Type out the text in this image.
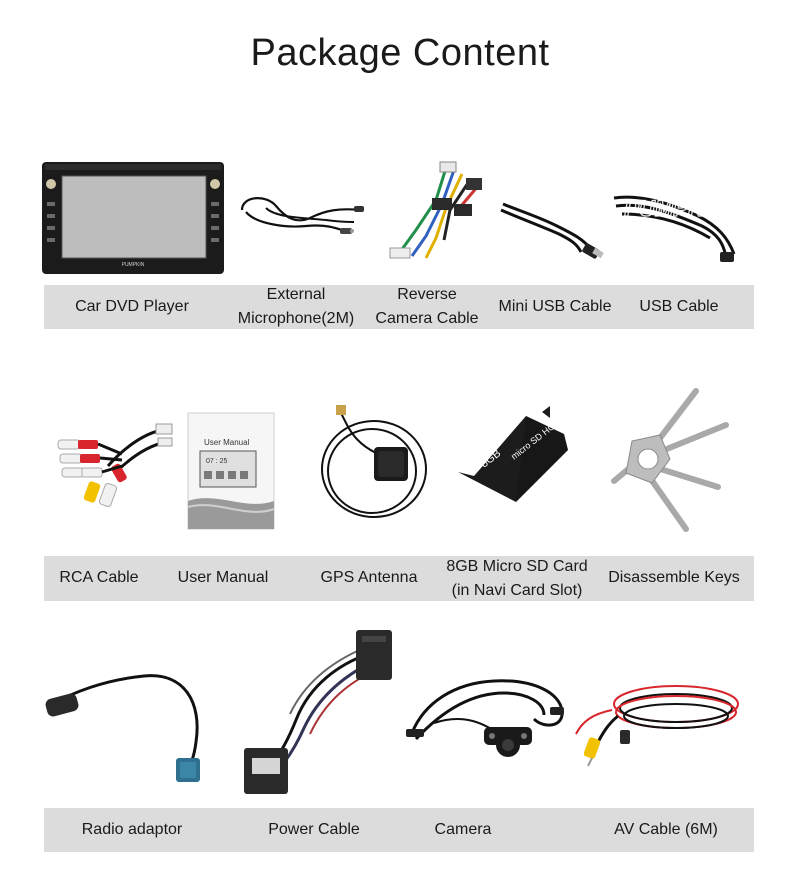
Package Content
PUMPKIN
PUMPKIN
Car DVD Player
External
Microphone(2M)
Reverse
Camera Cable
Mini USB Cable	USB Cable
User Manual
07 : 25	8GB micro SD HC
RCA Cable	User Manual	GPS Antenna
8GB Micro SD Card
(in Navi Card Slot)
Disassemble Keys
Radio adaptor	Power Cable	Camera	AV Cable (6M)
